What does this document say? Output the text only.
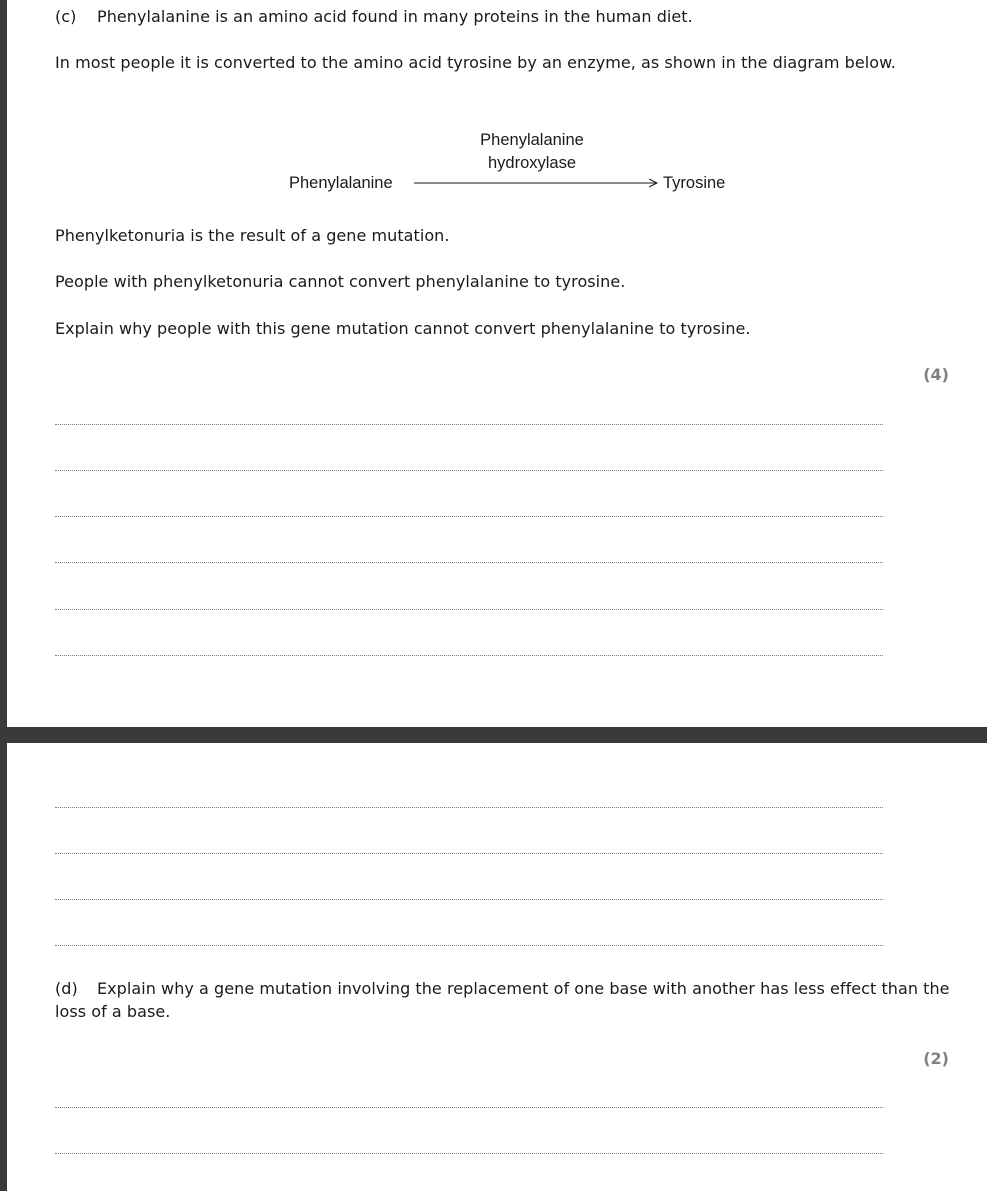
(c) Phenylalanine is an amino acid found in many proteins in the human diet.
In most people it is converted to the amino acid tyrosine by an enzyme, as shown in the diagram below.
Phenylalanine
hydroxylase
Phenylalanine	Tyrosine
Phenylketonuria is the result of a gene mutation.
People with phenylketonuria cannot convert phenylalanine to tyrosine.
Explain why people with this gene mutation cannot convert phenylalanine to tyrosine.
(4)
(d) Explain why a gene mutation involving the replacement of one base with another has less effect than the loss of a base.
(2)
